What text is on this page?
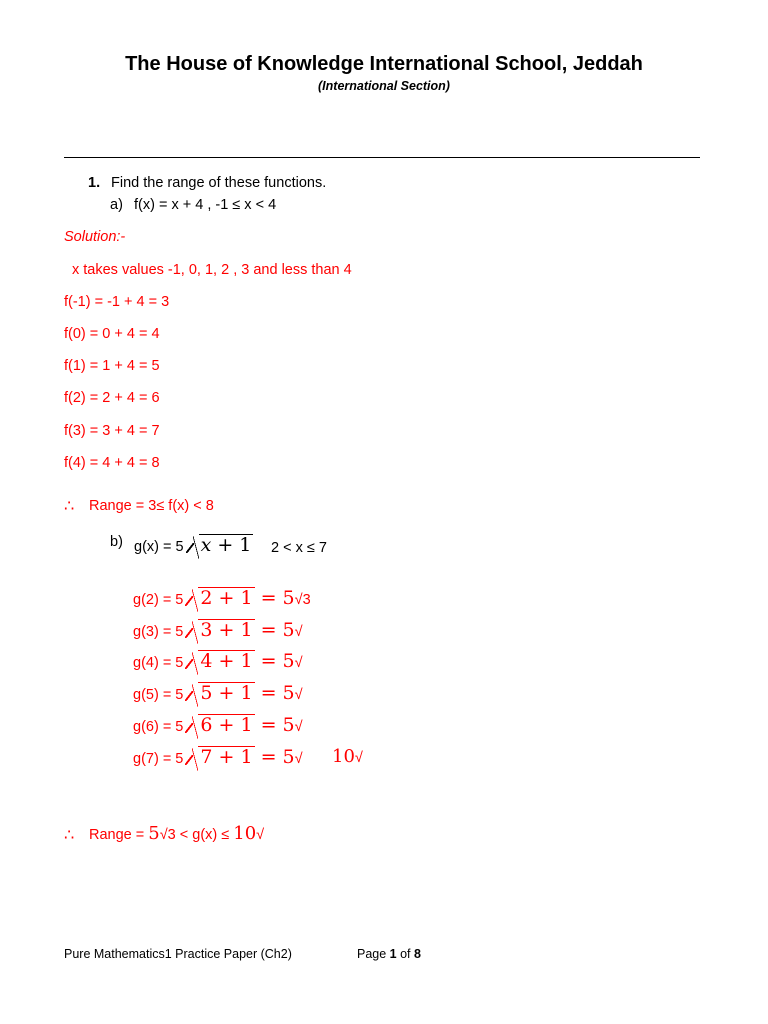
The House of Knowledge International School, Jeddah
(International Section)
1. Find the range of these functions.
a) f(x) = x + 4 , -1 ≤ x < 4
Solution:-
x takes values -1, 0, 1, 2 , 3 and less than 4
f(-1) = -1 + 4 = 3
f(0) = 0 + 4 = 4
f(1) = 1 + 4 = 5
f(2) = 2 + 4 = 6
f(3) = 3 + 4 = 7
f(4) = 4 + 4 = 8
∴ Range = 3≤ f(x) < 8
b) g(x) = 5 𝑥 + 1 2 < x ≤ 7
g(2) = 5 2 + 1 = 5√3
g(3) = 5 3 + 1 = 5√
g(4) = 5 4 + 1 = 5√
g(5) = 5 5 + 1 = 5√
g(6) = 5 6 + 1 = 5√
g(7) = 5 7 + 1 = 5√ 10√
∴ Range = 5√3 < g(x) ≤ 10√
Pure Mathematics1 Practice Paper (Ch2)	Page 1 of 8
